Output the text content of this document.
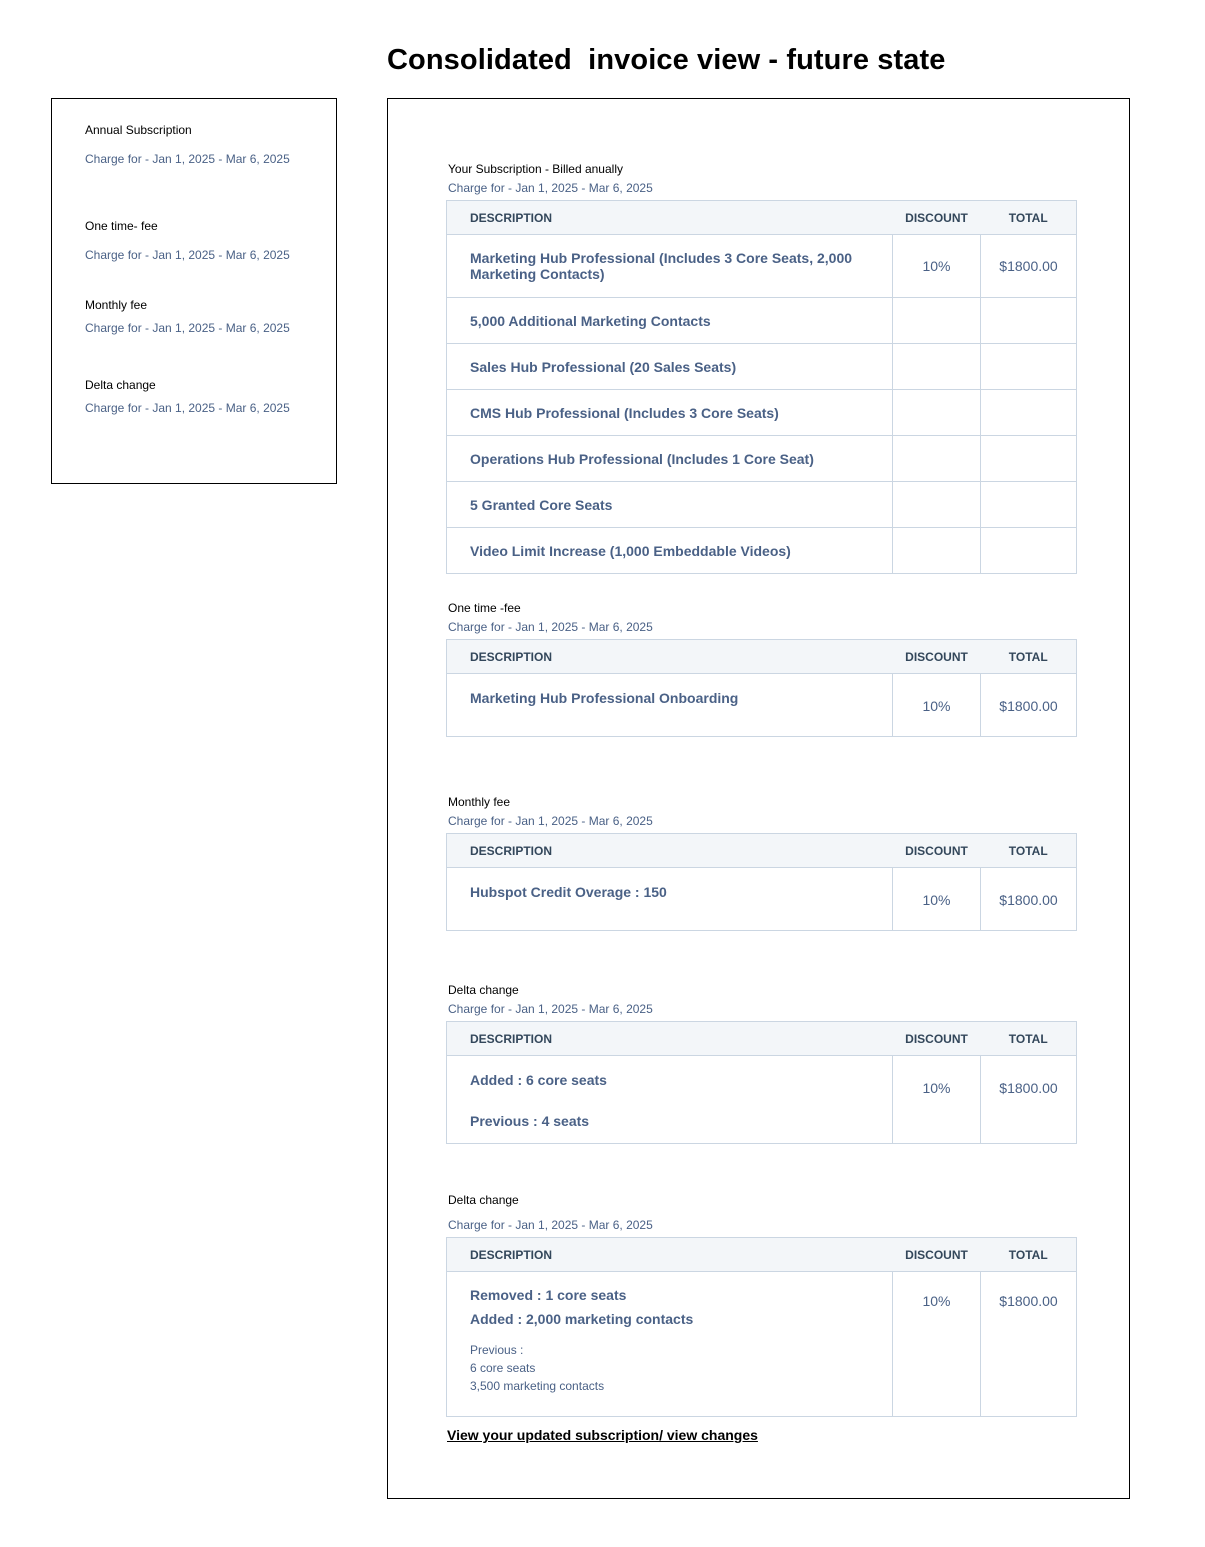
Consolidated  invoice view - future state
Annual Subscription
Charge for - Jan 1, 2025 - Mar 6, 2025
One time- fee
Charge for - Jan 1, 2025 - Mar 6, 2025
Monthly fee
Charge for - Jan 1, 2025 - Mar 6, 2025
Delta change
Charge for - Jan 1, 2025 - Mar 6, 2025
Your Subscription - Billed anually
Charge for - Jan 1, 2025 - Mar 6, 2025
DESCRIPTION	DISCOUNT	TOTAL
Marketing Hub Professional (Includes 3 Core Seats, 2,000 Marketing Contacts)	10%	$1800.00
5,000 Additional Marketing Contacts		
Sales Hub Professional (20 Sales Seats)		
CMS Hub Professional (Includes 3 Core Seats)		
Operations Hub Professional (Includes 1 Core Seat)		
5 Granted Core Seats		
Video Limit Increase (1,000 Embeddable Videos)		
One time -fee
Charge for - Jan 1, 2025 - Mar 6, 2025
DESCRIPTION	DISCOUNT	TOTAL
Marketing Hub Professional Onboarding	10%	$1800.00
Monthly fee
Charge for - Jan 1, 2025 - Mar 6, 2025
DESCRIPTION	DISCOUNT	TOTAL
Hubspot Credit Overage : 150	10%	$1800.00
Delta change
Charge for - Jan 1, 2025 - Mar 6, 2025
DESCRIPTION	DISCOUNT	TOTAL

Added : 6 core seats
Previous : 4 seats	10%	$1800.00
Delta change
Charge for - Jan 1, 2025 - Mar 6, 2025
DESCRIPTION	DISCOUNT	TOTAL

Removed : 1 core seats
Added : 2,000 marketing contacts
Previous :
6 core seats
3,500 marketing contacts	10%	$1800.00
View your updated subscription/ view changes
